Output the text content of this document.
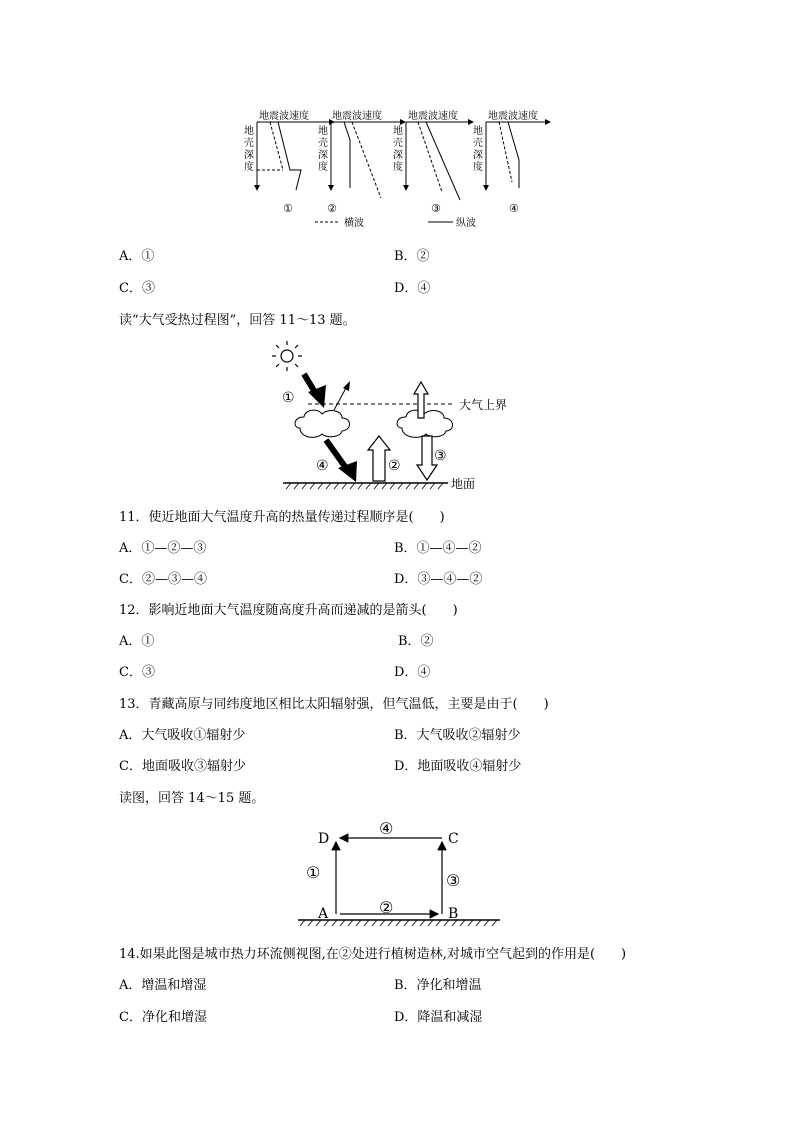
地震波速度
地
壳
深
度
①
地震波速度
地
壳
深
度
②
地震波速度
地
壳
深
度
③
地震波速度
地
壳
深
度
④
横波	纵波
A．①	B．②
C．③	D．④
读“大气受热过程图”，回答 11～13 题。
大气上界
地面
①
④	②
③
11．使近地面大气温度升高的热量传递过程顺序是(　　)
A．①—②—③	B．①—④—②
C．②—③—④	D．③—④—②
12．影响近地面大气温度随高度升高而递减的是箭头(　　)
A．①	B．②
C．③	D．④
13．青藏高原与同纬度地区相比太阳辐射强，但气温低，主要是由于(　　)
A．大气吸收①辐射少	B．大气吸收②辐射少
C．地面吸收③辐射少	D．地面吸收④辐射少
读图，回答 14～15 题。
D	C
A	B
④
①	③
②
14.如果此图是城市热力环流侧视图,在②处进行植树造林,对城市空气起到的作用是(　　)
A．增温和增湿	B．净化和增温
C．净化和增湿	D．降温和减湿
